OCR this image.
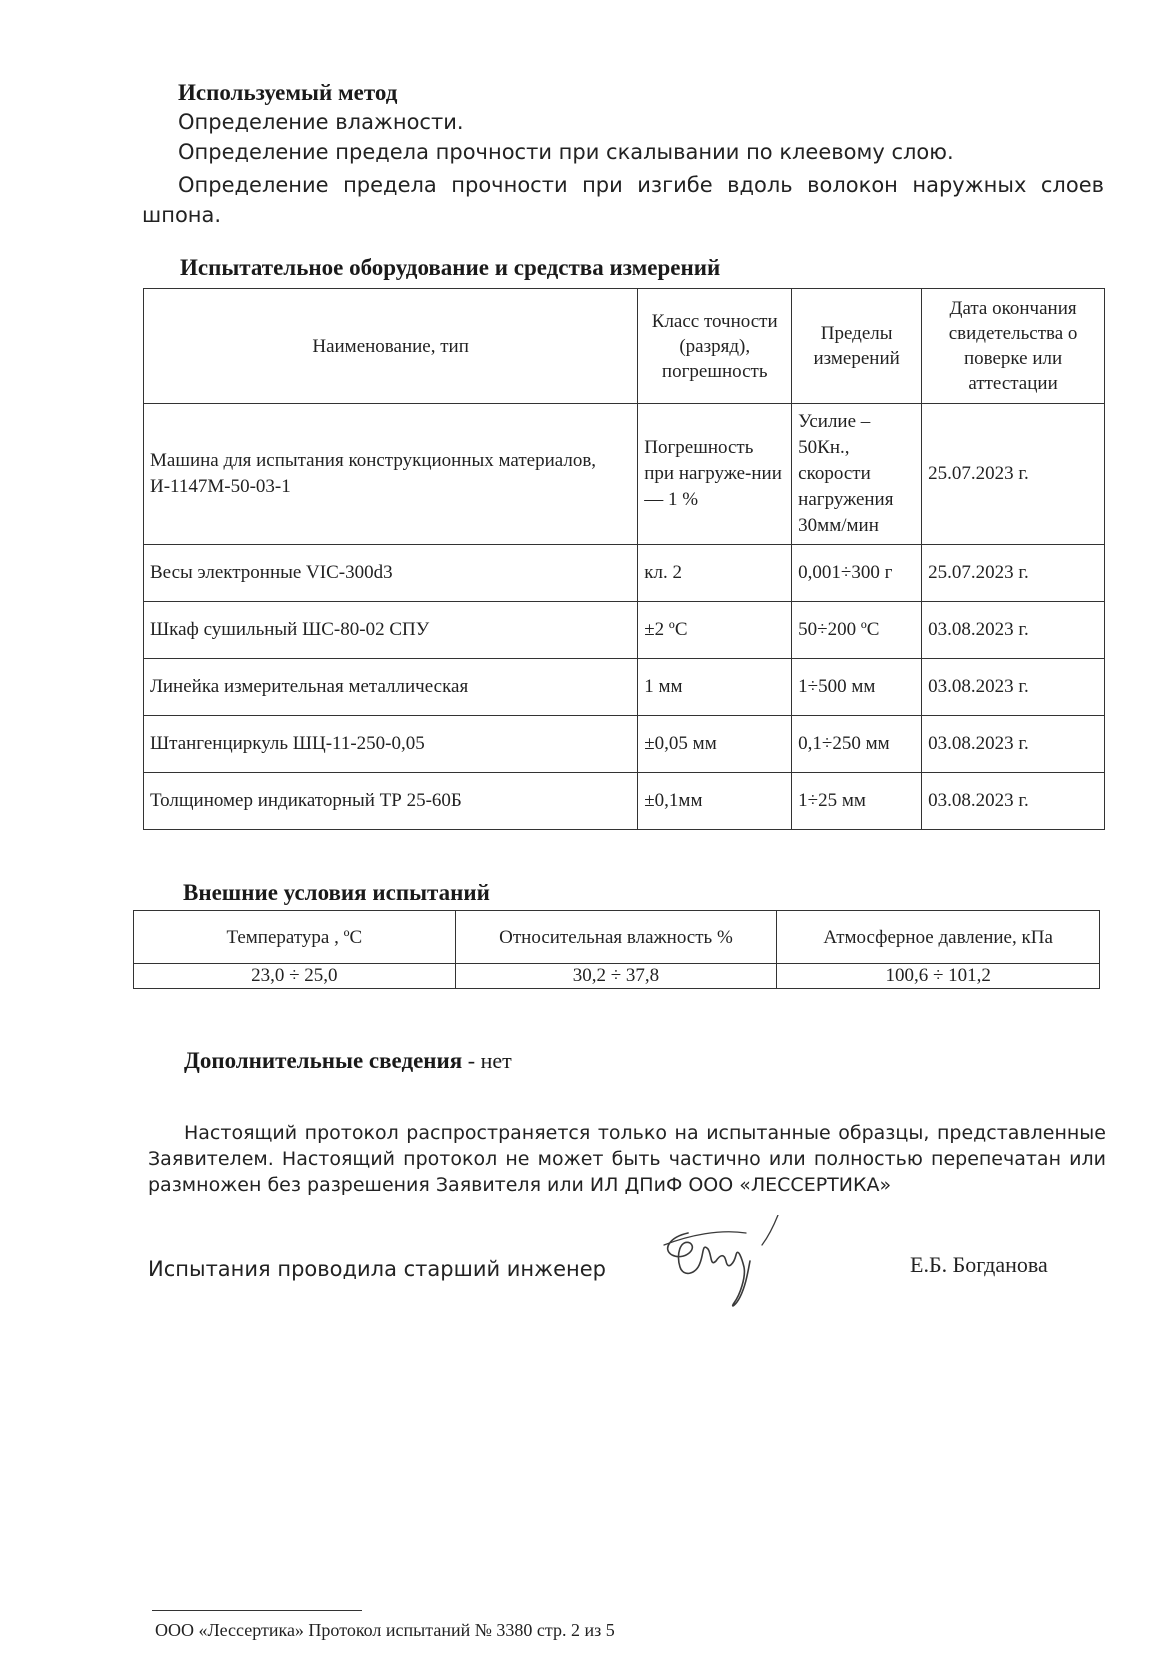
Используемый метод
Определение влажности.
Определение предела прочности при скалывании по клеевому слою.
Определение предела прочности при изгибе вдоль волокон наружных слоев шпона.
Испытательное оборудование и средства измерений
Наименование, тип	Класс точности (разряд), погрешность	Пределы измерений	Дата окончания свидетельства о поверке или аттестации
Машина для испытания конструкционных материалов, И-1147М-50-03-1	Погрешность при нагруже-нии — 1 %	Усилие – 50Кн., скорости нагружения 30мм/мин	25.07.2023 г.
Весы электронные VIC-300d3	кл. 2	0,001÷300 г	25.07.2023 г.
Шкаф сушильный ШС-80-02 СПУ	±2 ºС	50÷200 ºС	03.08.2023 г.
Линейка измерительная металлическая	1 мм	1÷500 мм	03.08.2023 г.
Штангенциркуль ШЦ-11-250-0,05	±0,05 мм	0,1÷250 мм	03.08.2023 г.
Толщиномер индикаторный ТР 25-60Б	±0,1мм	1÷25 мм	03.08.2023 г.
Внешние условия испытаний
Температура , ºС	Относительная влажность %	Атмосферное давление, кПа
23,0 ÷ 25,0	30,2 ÷ 37,8	100,6 ÷ 101,2
Дополнительные сведения - нет
Настоящий протокол распространяется только на испытанные образцы, представленные Заявителем. Настоящий протокол не может быть частично или полностью перепечатан или размножен без разрешения Заявителя или ИЛ ДПиФ ООО «ЛЕССЕРТИКА»
Испытания проводила старший инженер	Е.Б. Богданова
ООО «Лессертика» Протокол испытаний № 3380 стр. 2 из 5
